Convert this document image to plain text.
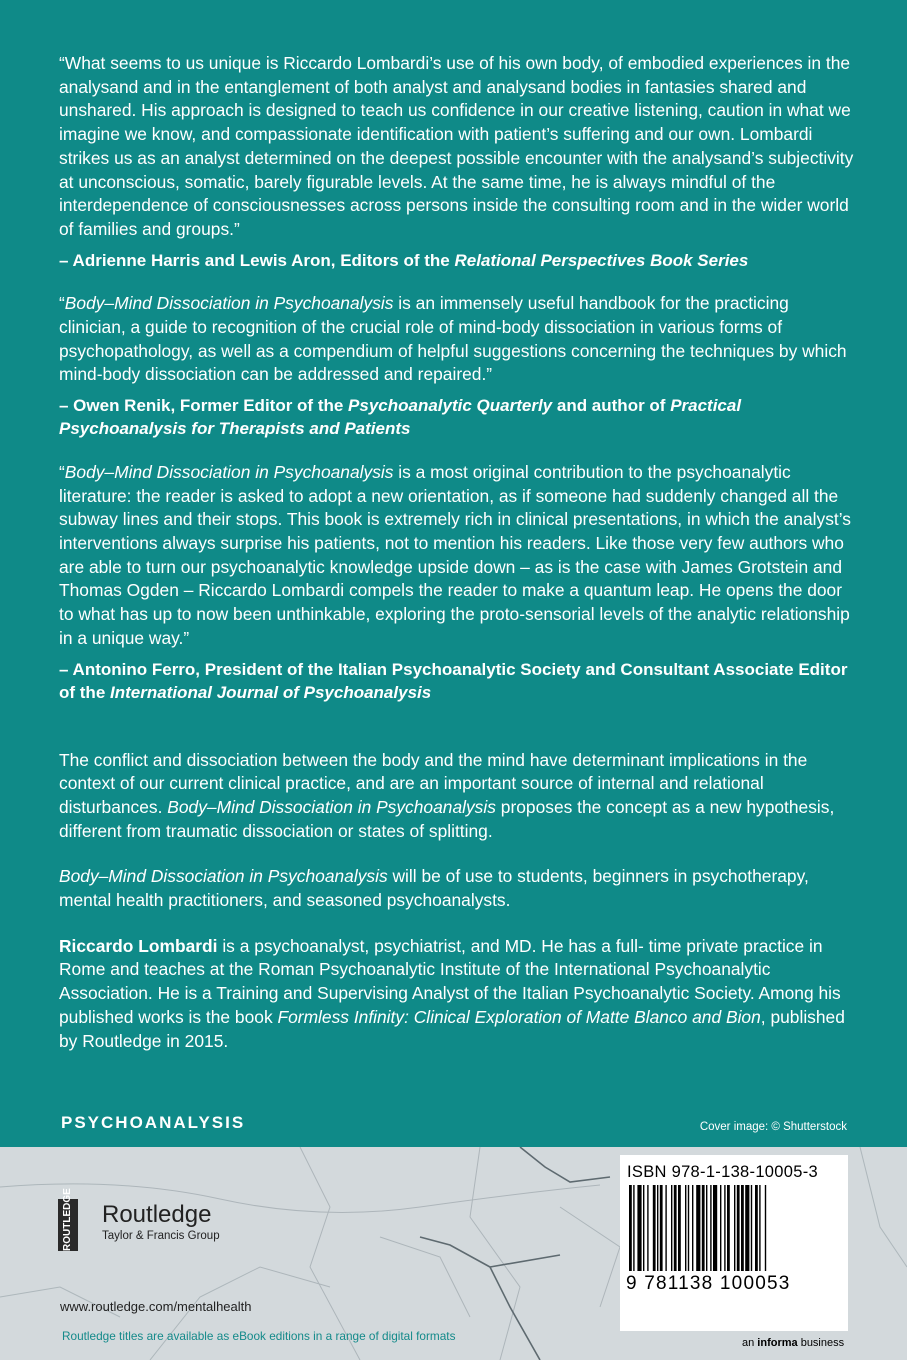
“What seems to us unique is Riccardo Lombardi’s use of his own body, of embodied experiences in the analysand and in the entanglement of both analyst and analysand bodies in fantasies shared and unshared. His approach is designed to teach us confidence in our creative listening, caution in what we imagine we know, and compassionate identification with patient’s suffering and our own. Lombardi strikes us as an analyst determined on the deepest possible encounter with the analysand’s subjectivity at unconscious, somatic, barely figurable levels. At the same time, he is always mindful of the interdependence of consciousnesses across persons inside the consulting room and in the wider world of families and groups.”

– Adrienne Harris and Lewis Aron, Editors of the Relational Perspectives Book Series

“Body–Mind Dissociation in Psychoanalysis is an immensely useful handbook for the practicing clinician, a guide to recognition of the crucial role of mind-body dissociation in various forms of psychopathology, as well as a compendium of helpful suggestions concerning the techniques by which mind-body dissociation can be addressed and repaired.”

– Owen Renik, Former Editor of the Psychoanalytic Quarterly and author of Practical Psychoanalysis for Therapists and Patients

“Body–Mind Dissociation in Psychoanalysis is a most original contribution to the psychoanalytic literature: the reader is asked to adopt a new orientation, as if someone had suddenly changed all the subway lines and their stops. This book is extremely rich in clinical presentations, in which the analyst’s interventions always surprise his patients, not to mention his readers. Like those very few authors who are able to turn our psychoanalytic knowledge upside down – as is the case with James Grotstein and Thomas Ogden – Riccardo Lombardi compels the reader to make a quantum leap. He opens the door to what has up to now been unthinkable, exploring the proto-sensorial levels of the analytic relationship in a unique way.”

– Antonino Ferro, President of the Italian Psychoanalytic Society and Consultant Associate Editor of the International Journal of Psychoanalysis

The conflict and dissociation between the body and the mind have determinant implications in the context of our current clinical practice, and are an important source of internal and relational disturbances. Body–Mind Dissociation in Psychoanalysis proposes the concept as a new hypothesis, different from traumatic dissociation or states of splitting.

Body–Mind Dissociation in Psychoanalysis will be of use to students, beginners in psychotherapy, mental health practitioners, and seasoned psychoanalysts.

Riccardo Lombardi is a psychoanalyst, psychiatrist, and MD. He has a full- time private practice in Rome and teaches at the Roman Psychoanalytic Institute of the International Psychoanalytic Association. He is a Training and Supervising Analyst of the Italian Psychoanalytic Society. Among his published works is the book Formless Infinity: Clinical Exploration of Matte Blanco and Bion, published by Routledge in 2015.

PSYCHOANALYSIS	Cover image: © Shutterstock
ROUTLEDGE Routledge
Taylor & Francis Group
www.routledge.com/mentalhealth
Routledge titles are available as eBook editions in a range of digital formats
ISBN 978-1-138-10005-3
9 781138 100053
an informa business
